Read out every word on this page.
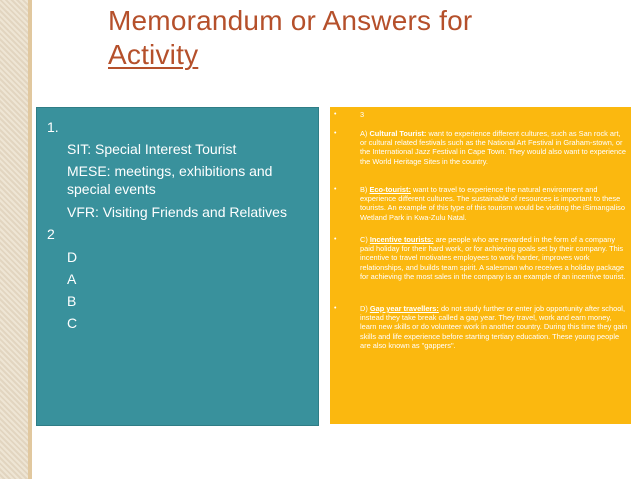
Memorandum or Answers for
Activity
1.
SIT: Special Interest Tourist
MESE: meetings, exhibitions and
special events
VFR: Visiting Friends and Relatives
2
D
A
B
C
•	3
•	A) Cultural Tourist: want to experience different cultures, such as San rock art, or cultural related festivals such as the National Art Festival in Graham-stown, or the International Jazz Festival in Cape Town. They would also want to experience the World Heritage Sites in the country.
•	B) Eco-tourist: want to travel to experience the natural environment and experience different cultures. The sustainable of resources is important to these tourists. An example of this type of this tourism would be visiting the iSimangaliso Wetland Park in Kwa-Zulu Natal.
•	C) Incentive tourists: are people who are rewarded in the form of a company paid holiday for their hard work, or for achieving goals set by their company. This incentive to travel motivates employees to work harder, improves work relationships, and builds team spirit. A salesman who receives a holiday package for achieving the most sales in the company is an example of an incentive tourist.
•	D) Gap year travellers: do not study further or enter job opportunity after school, instead they take break called a gap year. They travel, work and earn money, learn new skills or do volunteer work in another country. During this time they gain skills and life experience before starting tertiary education. These young people are also known as "gappers".
